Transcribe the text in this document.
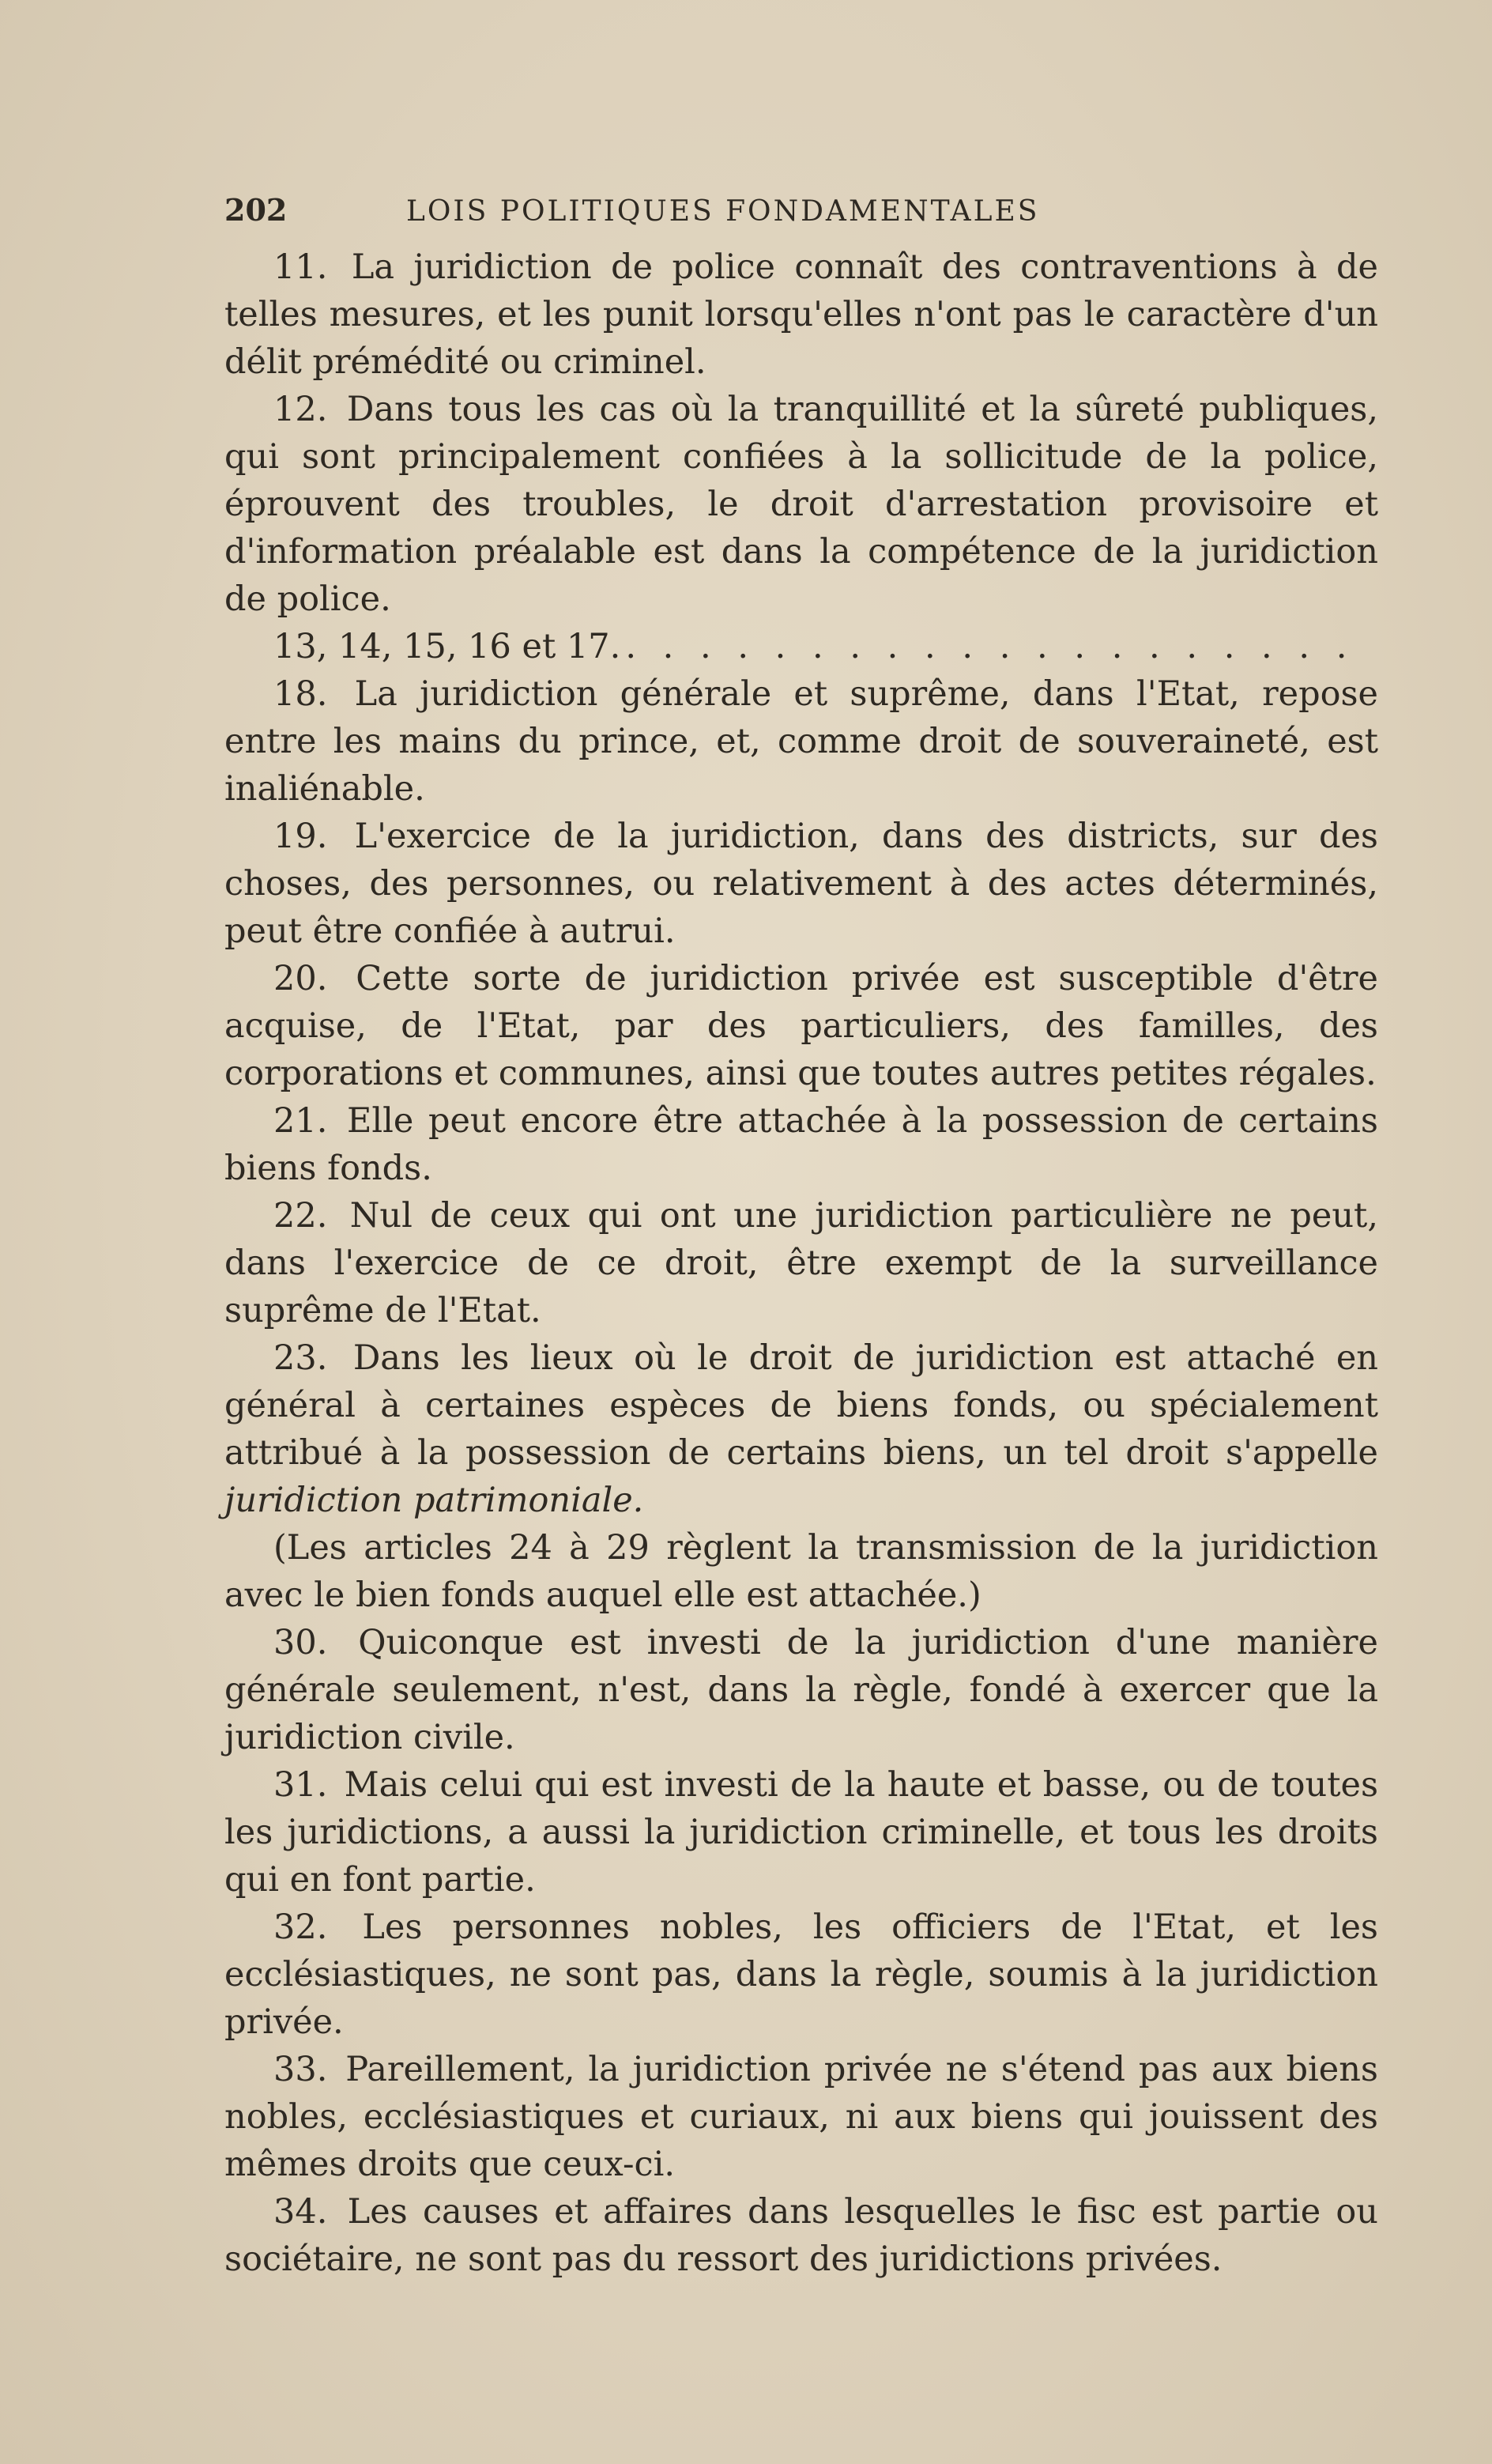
202	LOIS POLITIQUES FONDAMENTALES

11. La juridiction de police connaît des contraventions à de telles mesures, et les punit lorsqu'elles n'ont pas le caractère d'un délit prémédité ou criminel.

12. Dans tous les cas où la tranquillité et la sûreté publiques, qui sont principalement confiées à la sollicitude de la police, éprouvent des troubles, le droit d'arrestation provisoire et d'information préalable est dans la compétence de la juridiction de police.

13, 14, 15, 16 et 17. . . . . . . . . . . . . . . . . . . . .

18. La juridiction générale et suprême, dans l'Etat, repose entre les mains du prince, et, comme droit de souveraineté, est inaliénable.

19. L'exercice de la juridiction, dans des districts, sur des choses, des personnes, ou relativement à des actes déterminés, peut être confiée à autrui.

20. Cette sorte de juridiction privée est susceptible d'être acquise, de l'Etat, par des particuliers, des familles, des corporations et communes, ainsi que toutes autres petites régales.

21. Elle peut encore être attachée à la possession de certains biens fonds.

22. Nul de ceux qui ont une juridiction particulière ne peut, dans l'exercice de ce droit, être exempt de la surveillance suprême de l'Etat.

23. Dans les lieux où le droit de juridiction est attaché en général à certaines espèces de biens fonds, ou spécialement attribué à la possession de certains biens, un tel droit s'appelle juridiction patrimoniale.

(Les articles 24 à 29 règlent la transmission de la juridiction avec le bien fonds auquel elle est attachée.)

30. Quiconque est investi de la juridiction d'une manière générale seulement, n'est, dans la règle, fondé à exercer que la juridiction civile.

31. Mais celui qui est investi de la haute et basse, ou de toutes les juridictions, a aussi la juridiction criminelle, et tous les droits qui en font partie.

32. Les personnes nobles, les officiers de l'Etat, et les ecclésiastiques, ne sont pas, dans la règle, soumis à la juridiction privée.

33. Pareillement, la juridiction privée ne s'étend pas aux biens nobles, ecclésiastiques et curiaux, ni aux biens qui jouissent des mêmes droits que ceux-ci.

34. Les causes et affaires dans lesquelles le fisc est partie ou sociétaire, ne sont pas du ressort des juridictions privées.
